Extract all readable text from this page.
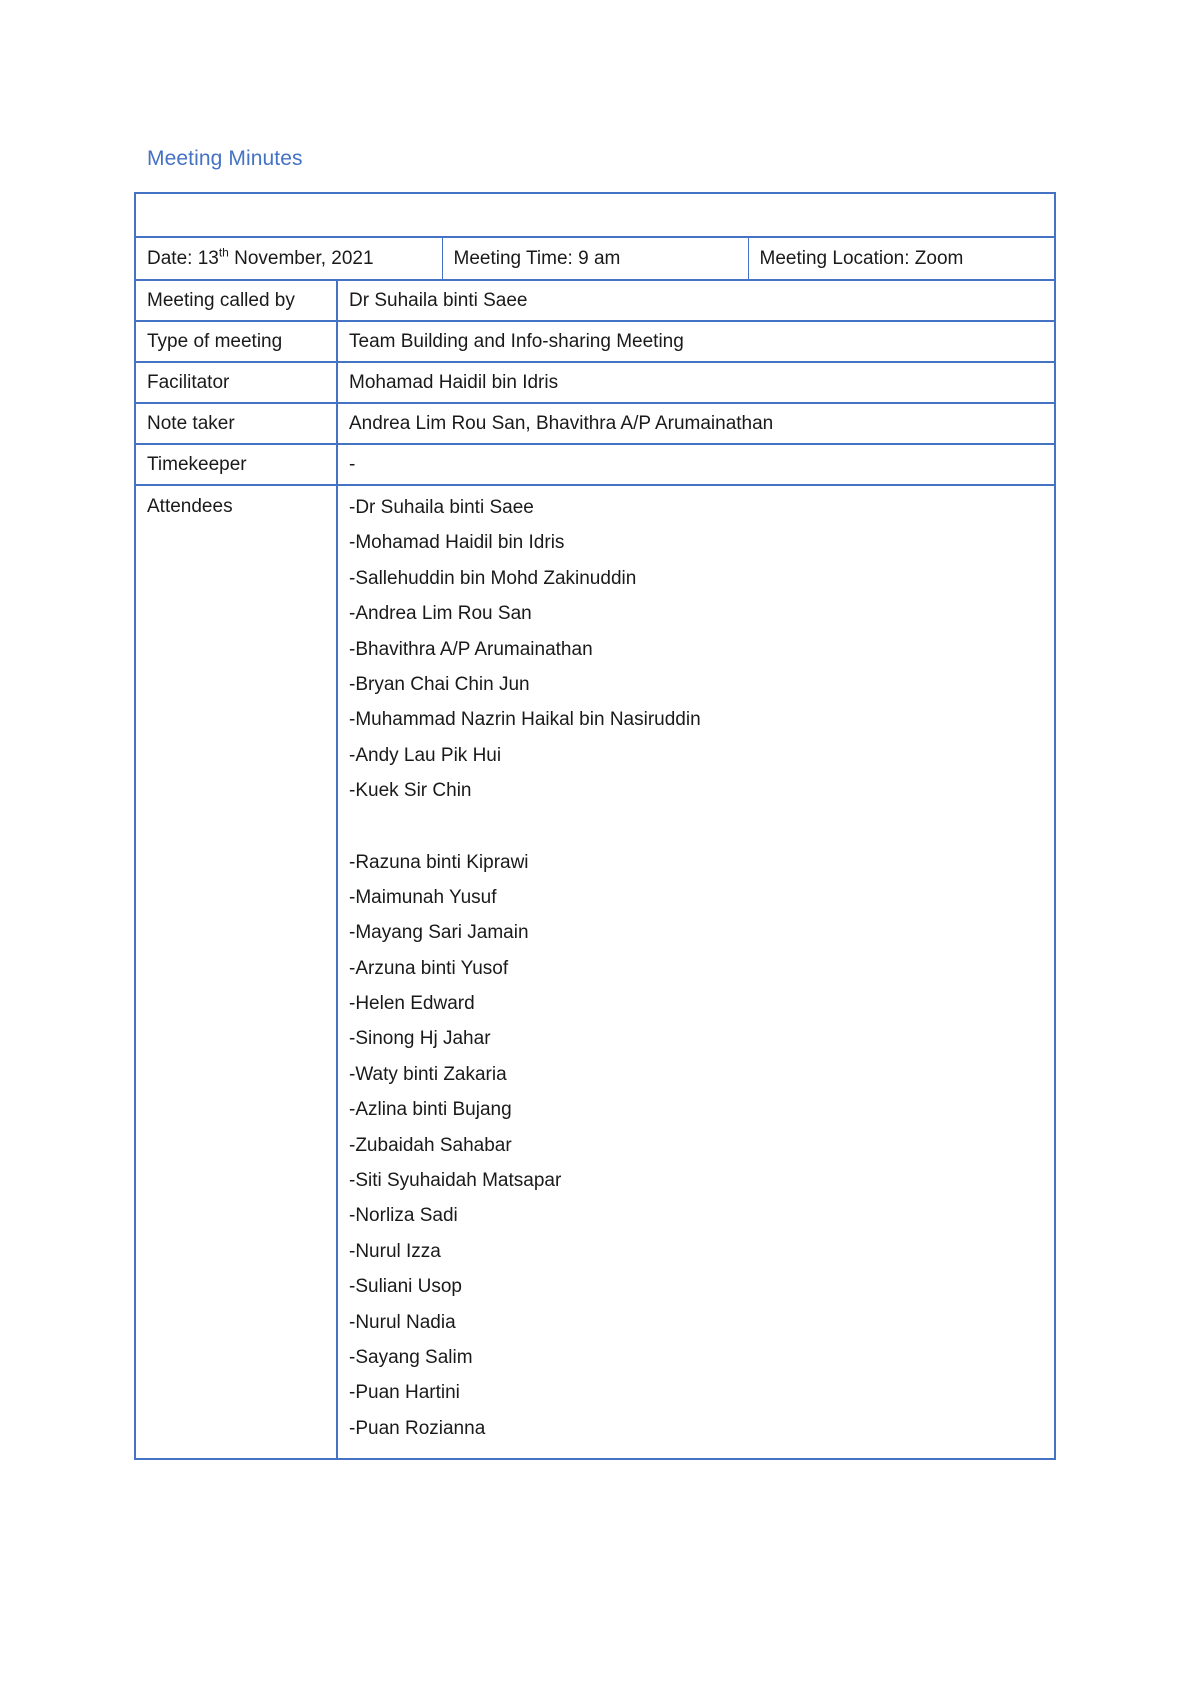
Meeting Minutes

Date: 13th November, 2021	Meeting Time: 9 am	Meeting Location: Zoom

Meeting called by	Dr Suhaila binti Saee
Type of meeting	Team Building and Info-sharing Meeting
Facilitator	Mohamad Haidil bin Idris
Note taker	Andrea Lim Rou San, Bhavithra A/P Arumainathan
Timekeeper	-
Attendees	-Dr Suhaila binti Saee
-Mohamad Haidil bin Idris
-Sallehuddin bin Mohd Zakinuddin
-Andrea Lim Rou San
-Bhavithra A/P Arumainathan
-Bryan Chai Chin Jun
-Muhammad Nazrin Haikal bin Nasiruddin
-Andy Lau Pik Hui
-Kuek Sir Chin
-Razuna binti Kiprawi
-Maimunah Yusuf
-Mayang Sari Jamain
-Arzuna binti Yusof
-Helen Edward
-Sinong Hj Jahar
-Waty binti Zakaria
-Azlina binti Bujang
-Zubaidah Sahabar
-Siti Syuhaidah Matsapar
-Norliza Sadi
-Nurul Izza
-Suliani Usop
-Nurul Nadia
-Sayang Salim
-Puan Hartini
-Puan Rozianna
